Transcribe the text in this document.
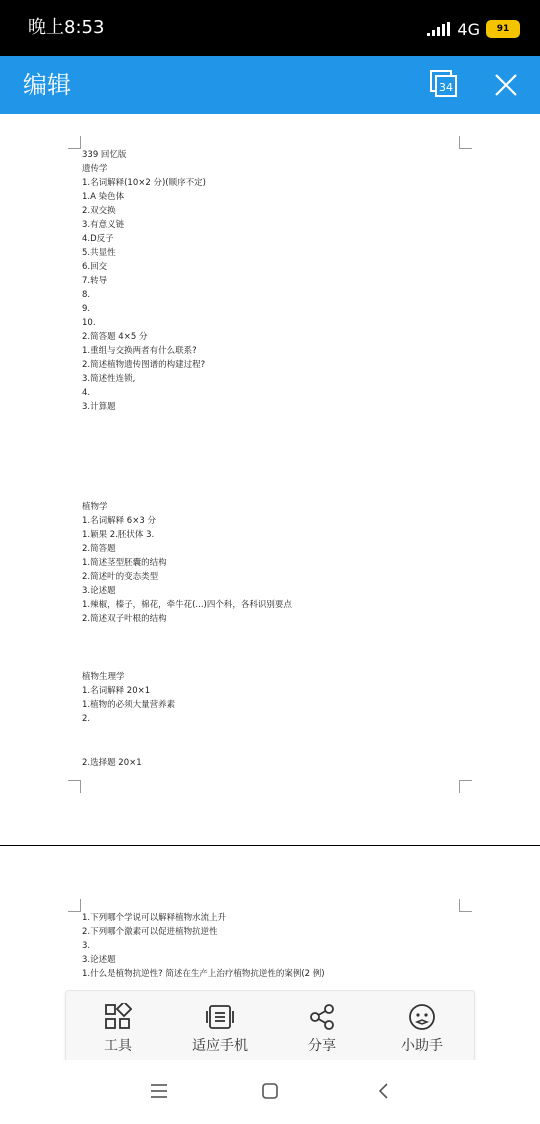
晚上8:53	4G 91
编辑	34
339 回忆版
遗传学
1.名词解释(10×2 分)(顺序不定)
1.A 染色体
2.双交换
3.有意义链
4.D反子
5.共显性
6.回交
7.转导
8.
9.
10.
2.简答题 4×5 分
1.重组与交换两者有什么联系?
2.简述植物遗传图谱的构建过程?
3.简述性连锁,
4.
3.计算题
植物学
1.名词解释 6×3 分
1.颖果 2.胚状体 3.
2.简答题
1.简述茎型胚囊的结构
2.简述叶的变态类型
3.论述题
1.辣椒，榛子，棉花，牵牛花(...)四个科，各科识别要点
2.简述双子叶根的结构
植物生理学
1.名词解释 20×1
1.植物的必须大量营养素
2.
2.选择题 20×1
1.下列哪个学说可以解释植物水流上升
2.下列哪个激素可以促进植物抗逆性
3.
3.论述题
1.什么是植物抗逆性? 简述在生产上治疗植物抗逆性的案例(2 例)
工具	适应手机	分享	小助手
